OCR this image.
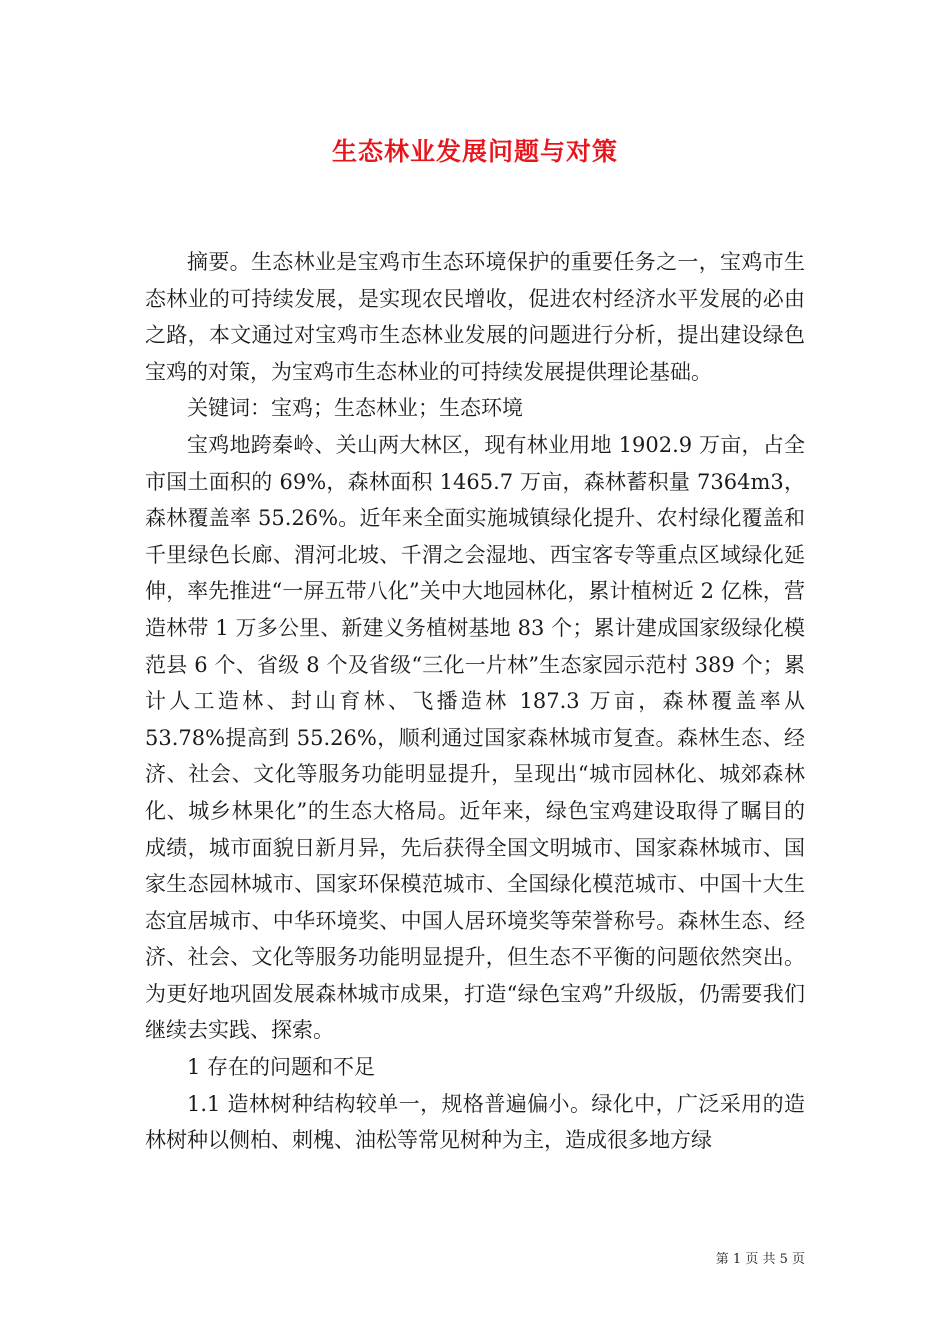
生态林业发展问题与对策

摘要。生态林业是宝鸡市生态环境保护的重要任务之一，宝鸡市生态林业的可持续发展，是实现农民增收，促进农村经济水平发展的必由之路，本文通过对宝鸡市生态林业发展的问题进行分析，提出建设绿色宝鸡的对策，为宝鸡市生态林业的可持续发展提供理论基础。

关键词：宝鸡；生态林业；生态环境

宝鸡地跨秦岭、关山两大林区，现有林业用地 1902.9 万亩，占全市国土面积的 69%，森林面积 1465.7 万亩，森林蓄积量 7364m3，森林覆盖率 55.26%。近年来全面实施城镇绿化提升、农村绿化覆盖和千里绿色长廊、渭河北坡、千渭之会湿地、西宝客专等重点区域绿化延伸，率先推进“一屏五带八化”关中大地园林化，累计植树近 2 亿株，营造林带 1 万多公里、新建义务植树基地 83 个；累计建成国家级绿化模范县 6 个、省级 8 个及省级“三化一片林”生态家园示范村 389 个；累计人工造林、封山育林、飞播造林 187.3 万亩，森林覆盖率从 53.78%提高到 55.26%，顺利通过国家森林城市复查。森林生态、经济、社会、文化等服务功能明显提升，呈现出“城市园林化、城郊森林化、城乡林果化”的生态大格局。近年来，绿色宝鸡建设取得了瞩目的成绩，城市面貌日新月异，先后获得全国文明城市、国家森林城市、国家生态园林城市、国家环保模范城市、全国绿化模范城市、中国十大生态宜居城市、中华环境奖、中国人居环境奖等荣誉称号。森林生态、经济、社会、文化等服务功能明显提升，但生态不平衡的问题依然突出。为更好地巩固发展森林城市成果，打造“绿色宝鸡”升级版，仍需要我们继续去实践、探索。

1 存在的问题和不足

1.1 造林树种结构较单一，规格普遍偏小。绿化中，广泛采用的造林树种以侧柏、刺槐、油松等常见树种为主，造成很多地方绿

第 1 页 共 5 页
